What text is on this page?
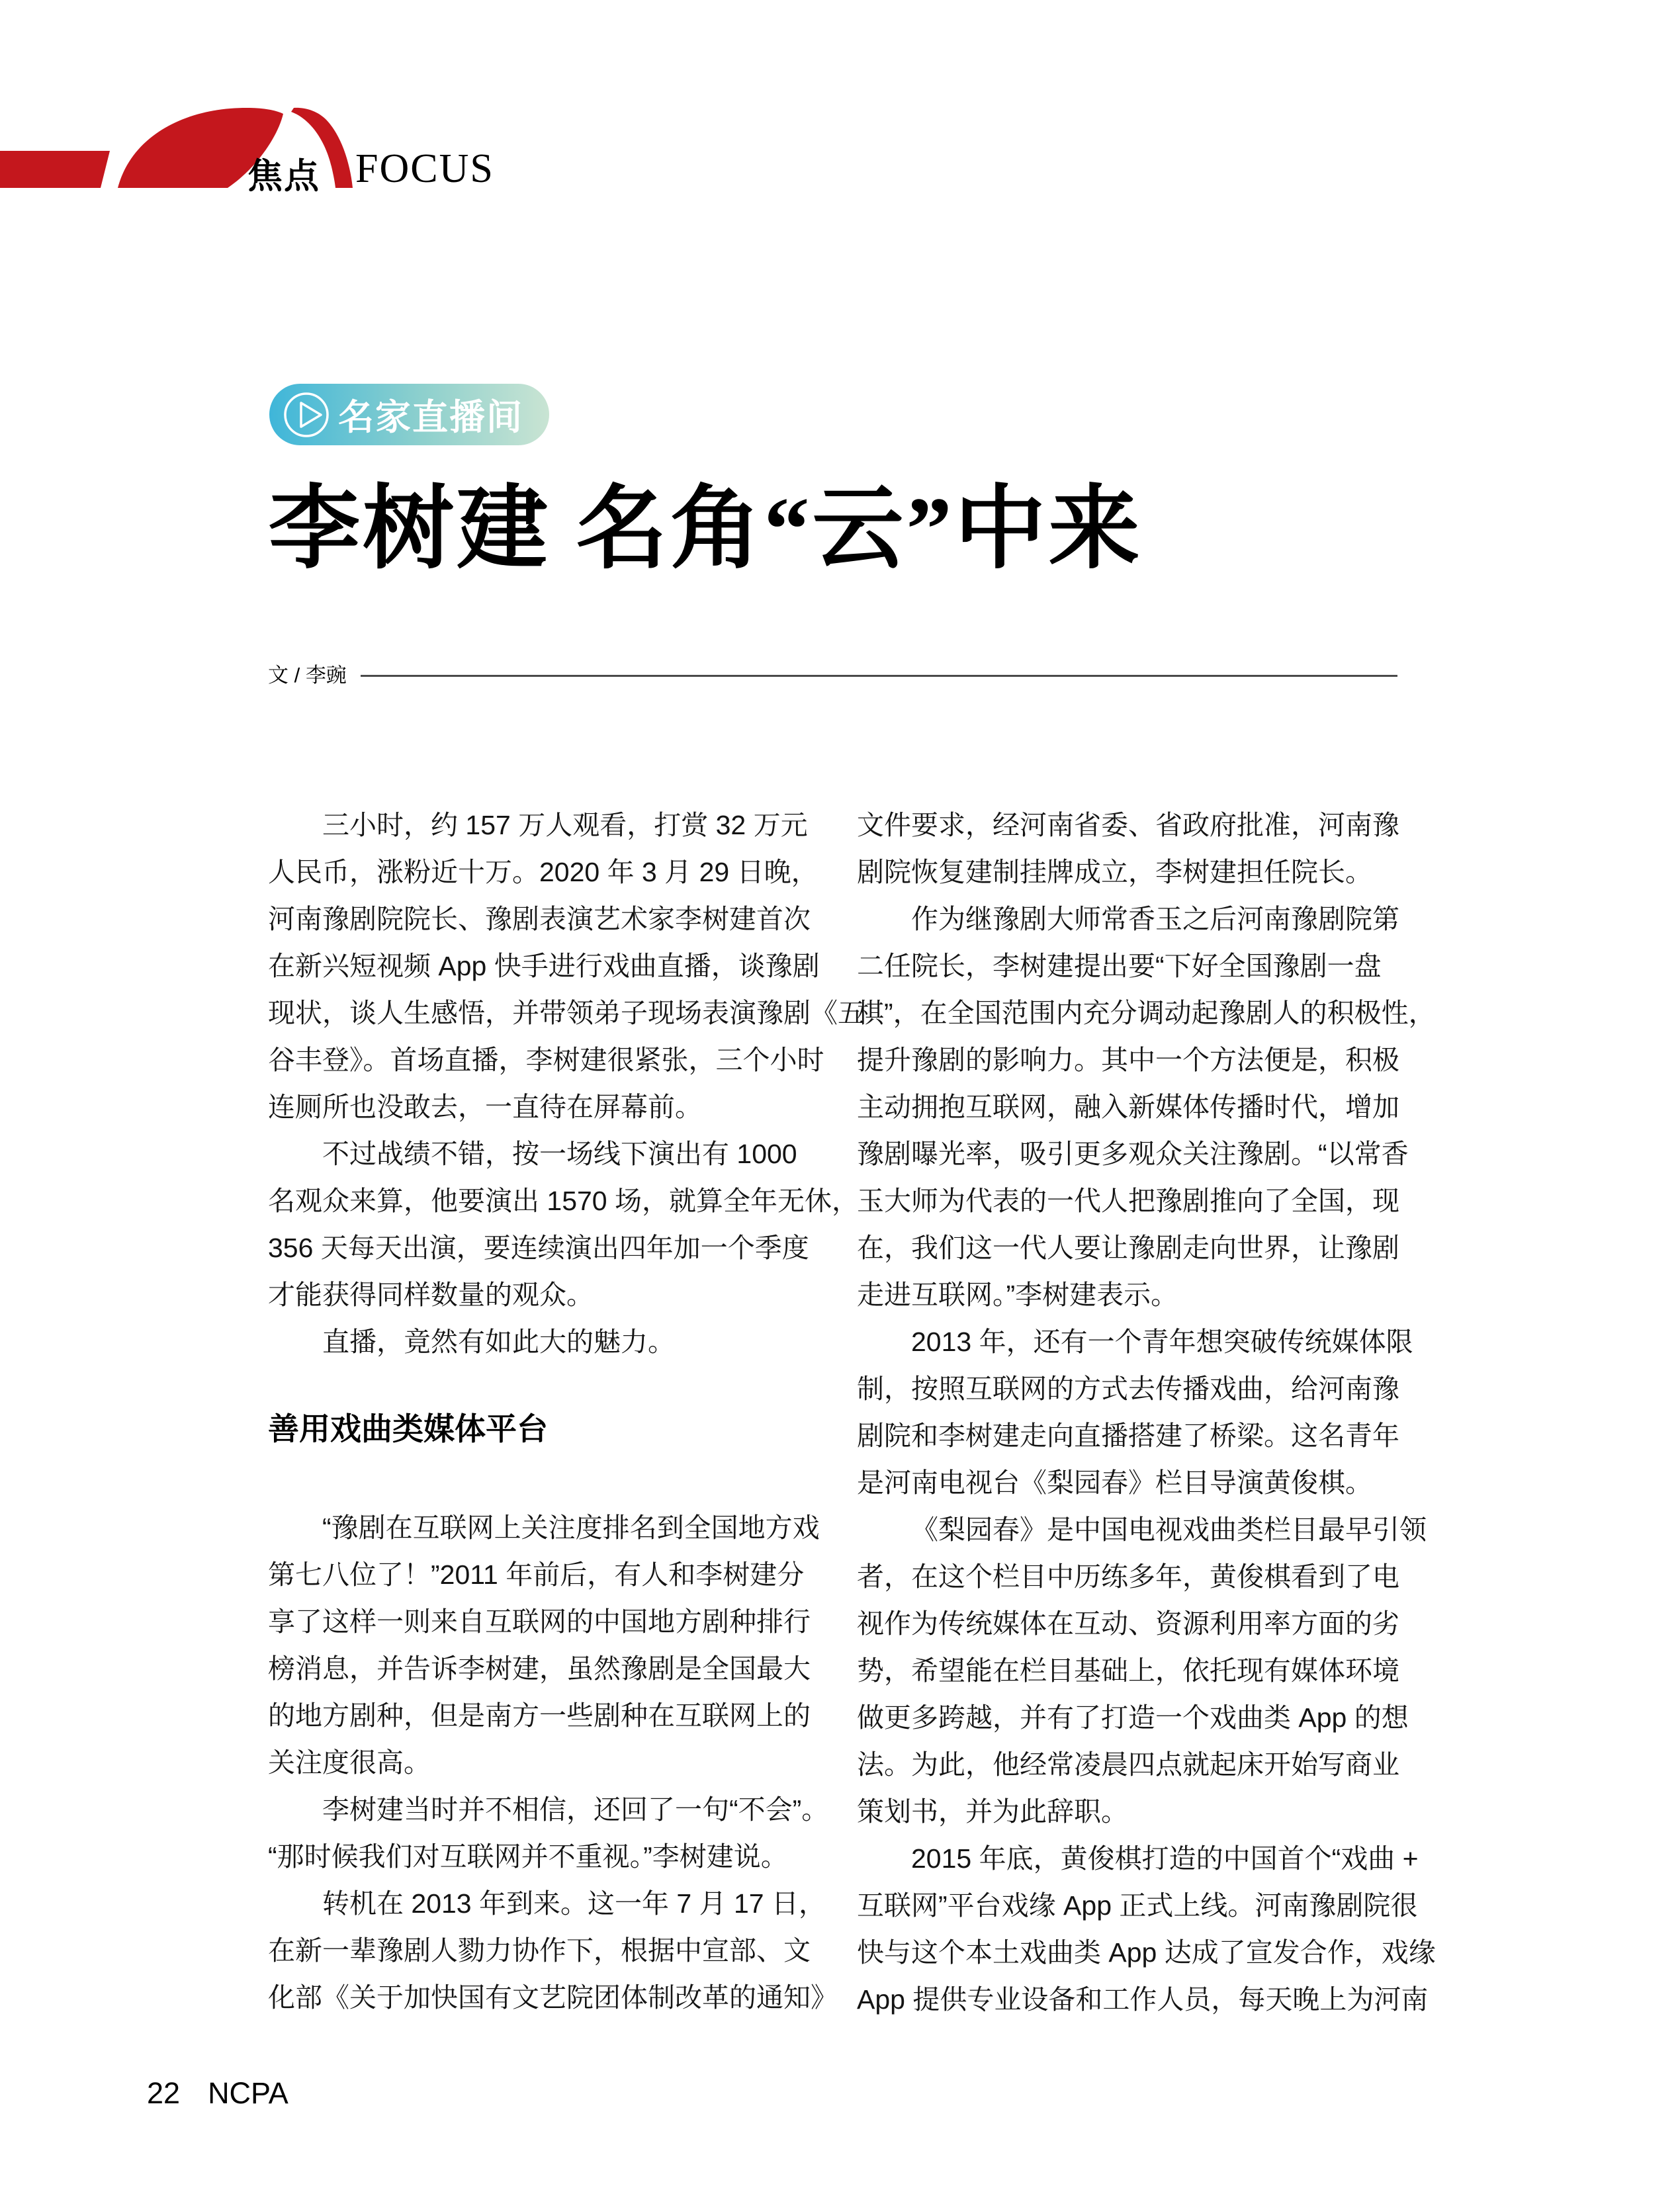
焦点 FOCUS
名家直播间
李树建 名角“云”中来
文 / 李豌
三小时，约 157 万人观看，打赏 32 万元
人民币，涨粉近十万。2020 年 3 月 29 日晚，
河南豫剧院院长、豫剧表演艺术家李树建首次
在新兴短视频 App 快手进行戏曲直播，谈豫剧
现状，谈人生感悟，并带领弟子现场表演豫剧《五
谷丰登》。首场直播，李树建很紧张，三个小时
连厕所也没敢去，一直待在屏幕前。
不过战绩不错，按一场线下演出有 1000
名观众来算，他要演出 1570 场，就算全年无休，
356 天每天出演，要连续演出四年加一个季度
才能获得同样数量的观众。
直播，竟然有如此大的魅力。
善用戏曲类媒体平台
“豫剧在互联网上关注度排名到全国地方戏
第七八位了！”2011 年前后，有人和李树建分
享了这样一则来自互联网的中国地方剧种排行
榜消息，并告诉李树建，虽然豫剧是全国最大
的地方剧种，但是南方一些剧种在互联网上的
关注度很高。
李树建当时并不相信，还回了一句“不会”。
“那时候我们对互联网并不重视。”李树建说。
转机在 2013 年到来。这一年 7 月 17 日，
在新一辈豫剧人勠力协作下，根据中宣部、文
化部《关于加快国有文艺院团体制改革的通知》
文件要求，经河南省委、省政府批准，河南豫
剧院恢复建制挂牌成立，李树建担任院长。
作为继豫剧大师常香玉之后河南豫剧院第
二任院长，李树建提出要“下好全国豫剧一盘
棋”，在全国范围内充分调动起豫剧人的积极性，
提升豫剧的影响力。其中一个方法便是，积极
主动拥抱互联网，融入新媒体传播时代，增加
豫剧曝光率，吸引更多观众关注豫剧。“以常香
玉大师为代表的一代人把豫剧推向了全国，现
在，我们这一代人要让豫剧走向世界，让豫剧
走进互联网。”李树建表示。
2013 年，还有一个青年想突破传统媒体限
制，按照互联网的方式去传播戏曲，给河南豫
剧院和李树建走向直播搭建了桥梁。这名青年
是河南电视台《梨园春》栏目导演黄俊棋。
《梨园春》是中国电视戏曲类栏目最早引领
者，在这个栏目中历练多年，黄俊棋看到了电
视作为传统媒体在互动、资源利用率方面的劣
势，希望能在栏目基础上，依托现有媒体环境
做更多跨越，并有了打造一个戏曲类 App 的想
法。为此，他经常凌晨四点就起床开始写商业
策划书，并为此辞职。
2015 年底，黄俊棋打造的中国首个“戏曲 +
互联网”平台戏缘 App 正式上线。河南豫剧院很
快与这个本土戏曲类 App 达成了宣发合作，戏缘
App 提供专业设备和工作人员，每天晚上为河南
22 NCPA
